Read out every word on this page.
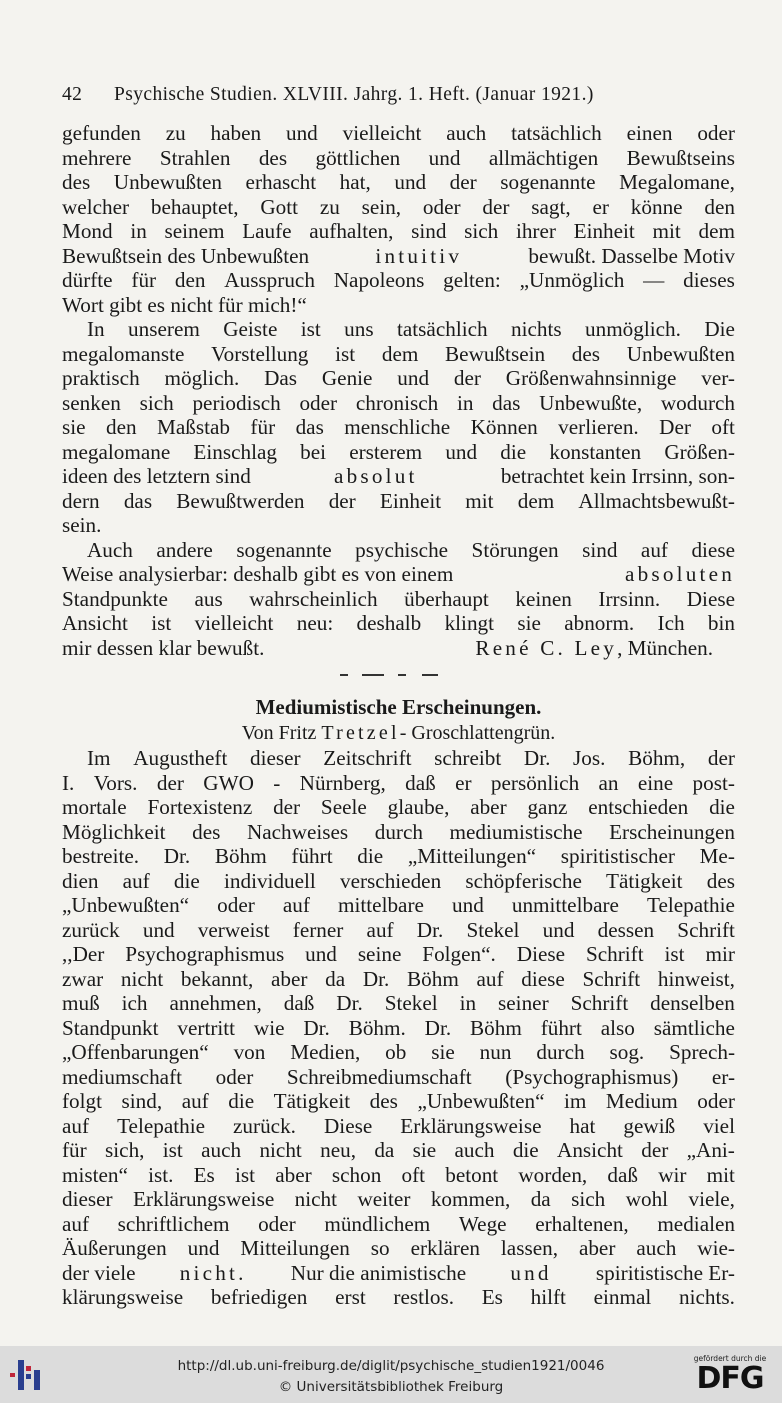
42 Psychische Studien. XLVIII. Jahrg. 1. Heft. (Januar 1921.)
gefunden zu haben und vielleicht auch tatsächlich einen oder
mehrere Strahlen des göttlichen und allmächtigen Bewußtseins
des Unbewußten erhascht hat, und der sogenannte Megalomane,
welcher behauptet, Gott zu sein, oder der sagt, er könne den
Mond in seinem Laufe aufhalten, sind sich ihrer Einheit mit dem
Bewußtsein des Unbewußten	intuitiv	bewußt. Dasselbe Motiv
dürfte für den Ausspruch Napoleons gelten: „Unmöglich — dieses
Wort gibt es nicht für mich!“
In unserem Geiste ist uns tatsächlich nichts unmöglich. Die
megalomanste Vorstellung ist dem Bewußtsein des Unbewußten
praktisch möglich. Das Genie und der Größenwahnsinnige ver-
senken sich periodisch oder chronisch in das Unbewußte, wodurch
sie den Maßstab für das menschliche Können verlieren. Der oft
megalomane Einschlag bei ersterem und die konstanten Größen-
ideen des letztern sind	absolut	betrachtet kein Irrsinn, son-
dern das Bewußtwerden der Einheit mit dem Allmachtsbewußt-
sein.
Auch andere sogenannte psychische Störungen sind auf diese
Weise analysierbar: deshalb gibt es von einem	absoluten
Standpunkte aus wahrscheinlich überhaupt keinen Irrsinn. Diese
Ansicht ist vielleicht neu: deshalb klingt sie abnorm. Ich bin
mir dessen klar bewußt.	René C. Ley, München.
Mediumistische Erscheinungen.
Von Fritz Tretzel- Groschlattengrün.
Im Augustheft dieser Zeitschrift schreibt Dr. Jos. Böhm, der
I. Vors. der GWO - Nürnberg, daß er persönlich an eine post-
mortale Fortexistenz der Seele glaube, aber ganz entschieden die
Möglichkeit des Nachweises durch mediumistische Erscheinungen
bestreite. Dr. Böhm führt die „Mitteilungen“ spiritistischer Me-
dien auf die individuell verschieden schöpferische Tätigkeit des
„Unbewußten“ oder auf mittelbare und unmittelbare Telepathie
zurück und verweist ferner auf Dr. Stekel und dessen Schrift
,,Der Psychographismus und seine Folgen“. Diese Schrift ist mir
zwar nicht bekannt, aber da Dr. Böhm auf diese Schrift hinweist,
muß ich annehmen, daß Dr. Stekel in seiner Schrift denselben
Standpunkt vertritt wie Dr. Böhm. Dr. Böhm führt also sämtliche
„Offenbarungen“ von Medien, ob sie nun durch sog. Sprech-
mediumschaft oder Schreibmediumschaft (Psychographismus) er-
folgt sind, auf die Tätigkeit des „Unbewußten“ im Medium oder
auf Telepathie zurück. Diese Erklärungsweise hat gewiß viel
für sich, ist auch nicht neu, da sie auch die Ansicht der „Ani-
misten“ ist. Es ist aber schon oft betont worden, daß wir mit
dieser Erklärungsweise nicht weiter kommen, da sich wohl viele,
auf schriftlichem oder mündlichem Wege erhaltenen, medialen
Äußerungen und Mitteilungen so erklären lassen, aber auch wie-
der viele nicht. Nur die animistische und spiritistische Er-
klärungsweise befriedigen erst restlos. Es hilft einmal nichts.
http://dl.ub.uni-freiburg.de/diglit/psychische_studien1921/0046
© Universitätsbibliothek Freiburg
gefördert durch die
DFG
